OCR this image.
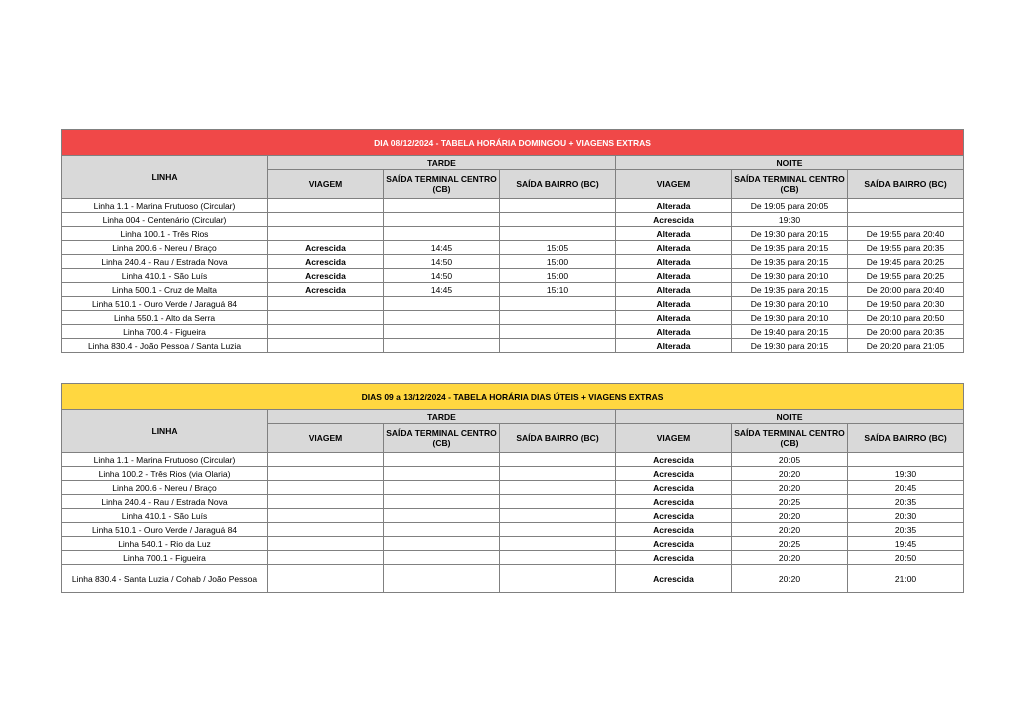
DIA 08/12/2024 - TABELA HORÁRIA DOMINGOU + VIAGENS EXTRAS						
LINHA	TARDE			NOITE		
	VIAGEM	SAÍDA TERMINAL CENTRO (CB)	SAÍDA BAIRRO (BC)	VIAGEM	SAÍDA TERMINAL CENTRO (CB)	SAÍDA BAIRRO (BC)
Linha 1.1 - Marina Frutuoso (Circular)				Alterada	De 19:05 para 20:05	
Linha 004 - Centenário (Circular)				Acrescida	19:30	
Linha 100.1 - Três Rios				Alterada	De 19:30 para 20:15	De 19:55 para 20:40
Linha 200.6 - Nereu / Braço	Acrescida	14:45	15:05	Alterada	De 19:35 para 20:15	De 19:55 para 20:35
Linha 240.4 - Rau / Estrada Nova	Acrescida	14:50	15:00	Alterada	De 19:35 para 20:15	De 19:45 para 20:25
Linha 410.1 - São Luís	Acrescida	14:50	15:00	Alterada	De 19:30 para 20:10	De 19:55 para 20:25
Linha 500.1 - Cruz de Malta	Acrescida	14:45	15:10	Alterada	De 19:35 para 20:15	De 20:00 para 20:40
Linha 510.1 - Ouro Verde / Jaraguá 84				Alterada	De 19:30 para 20:10	De 19:50 para 20:30
Linha 550.1 - Alto da Serra				Alterada	De 19:30 para 20:10	De 20:10 para 20:50
Linha 700.4 - Figueira				Alterada	De 19:40 para 20:15	De 20:00 para 20:35
Linha 830.4 - João Pessoa / Santa Luzia				Alterada	De 19:30 para 20:15	De 20:20 para 21:05
DIAS 09 a 13/12/2024 - TABELA HORÁRIA DIAS ÚTEIS + VIAGENS EXTRAS						
LINHA	TARDE			NOITE		
	VIAGEM	SAÍDA TERMINAL CENTRO (CB)	SAÍDA BAIRRO (BC)	VIAGEM	SAÍDA TERMINAL CENTRO (CB)	SAÍDA BAIRRO (BC)
Linha 1.1 - Marina Frutuoso (Circular)				Acrescida	20:05	
Linha 100.2 - Três Rios (via Olaria)				Acrescida	20:20	19:30
Linha 200.6 - Nereu / Braço				Acrescida	20:20	20:45
Linha 240.4 - Rau / Estrada Nova				Acrescida	20:25	20:35
Linha 410.1 - São Luís				Acrescida	20:20	20:30
Linha 510.1 - Ouro Verde / Jaraguá 84				Acrescida	20:20	20:35
Linha 540.1 - Rio da Luz				Acrescida	20:25	19:45
Linha 700.1 - Figueira				Acrescida	20:20	20:50
Linha 830.4 - Santa Luzia / Cohab / João Pessoa				Acrescida	20:20	21:00
